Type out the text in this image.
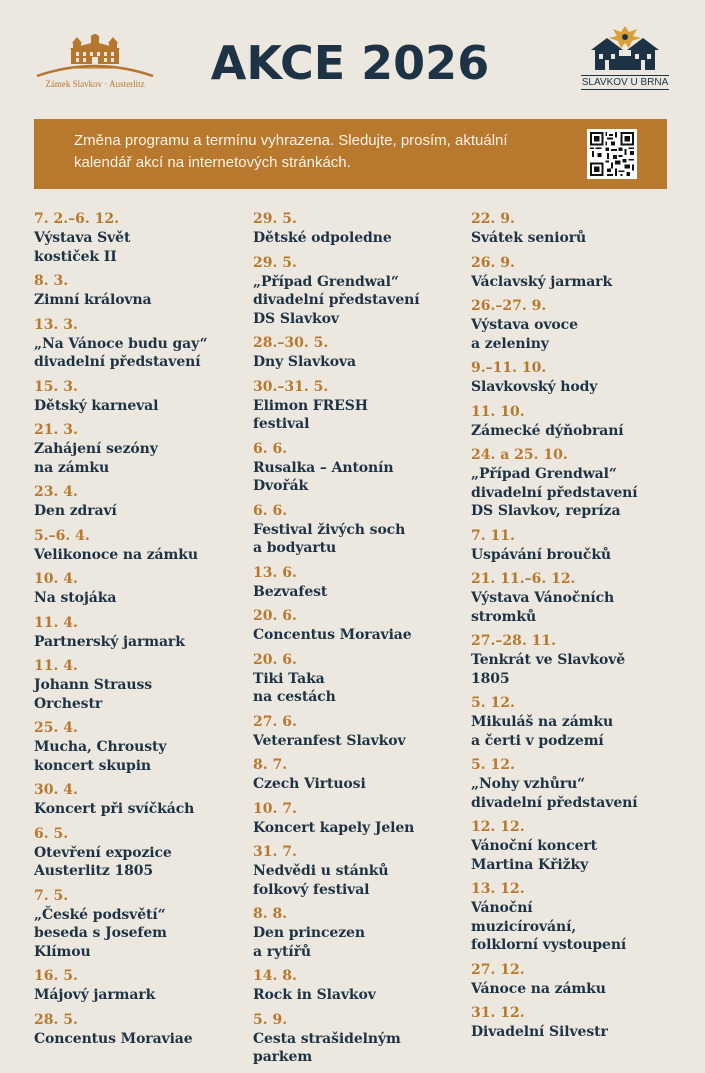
Zámek Slavkov · Austerlitz	AKCE 2026	SLAVKOV U BRNA
Změna programu a termínu vyhrazena. Sledujte, prosím, aktuální kalendář akcí na internetových stránkách.
7. 2.–6. 12.
Výstava Svět
kostiček II
8. 3.
Zimní královna
13. 3.
„Na Vánoce budu gay“
divadelní představení
15. 3.
Dětský karneval
21. 3.
Zahájení sezóny
na zámku
23. 4.
Den zdraví
5.–6. 4.
Velikonoce na zámku
10. 4.
Na stojáka
11. 4.
Partnerský jarmark
11. 4.
Johann Strauss
Orchestr
25. 4.
Mucha, Chrousty
koncert skupin
30. 4.
Koncert při svíčkách
6. 5.
Otevření expozice
Austerlitz 1805
7. 5.
„České podsvětí“
beseda s Josefem
Klímou
16. 5.
Májový jarmark
28. 5.
Concentus Moraviae
29. 5.
Dětské odpoledne
29. 5.
„Případ Grendwal“
divadelní představení
DS Slavkov
28.–30. 5.
Dny Slavkova
30.–31. 5.
Elimon FRESH
festival
6. 6.
Rusalka – Antonín
Dvořák
6. 6.
Festival živých soch
a bodyartu
13. 6.
Bezvafest
20. 6.
Concentus Moraviae
20. 6.
Tiki Taka
na cestách
27. 6.
Veteranfest Slavkov
8. 7.
Czech Virtuosi
10. 7.
Koncert kapely Jelen
31. 7.
Nedvědi u stánků
folkový festival
8. 8.
Den princezen
a rytířů
14. 8.
Rock in Slavkov
5. 9.
Cesta strašidelným
parkem
22. 9.
Svátek seniorů
26. 9.
Václavský jarmark
26.–27. 9.
Výstava ovoce
a zeleniny
9.–11. 10.
Slavkovský hody
11. 10.
Zámecké dýňobraní
24. a 25. 10.
„Případ Grendwal“
divadelní představení
DS Slavkov, repríza
7. 11.
Uspávání broučků
21. 11.–6. 12.
Výstava Vánočních
stromků
27.–28. 11.
Tenkrát ve Slavkově
1805
5. 12.
Mikuláš na zámku
a čerti v podzemí
5. 12.
„Nohy vzhůru“
divadelní představení
12. 12.
Vánoční koncert
Martina Křižky
13. 12.
Vánoční
muzicírování,
folklorní vystoupení
27. 12.
Vánoce na zámku
31. 12.
Divadelní Silvestr
